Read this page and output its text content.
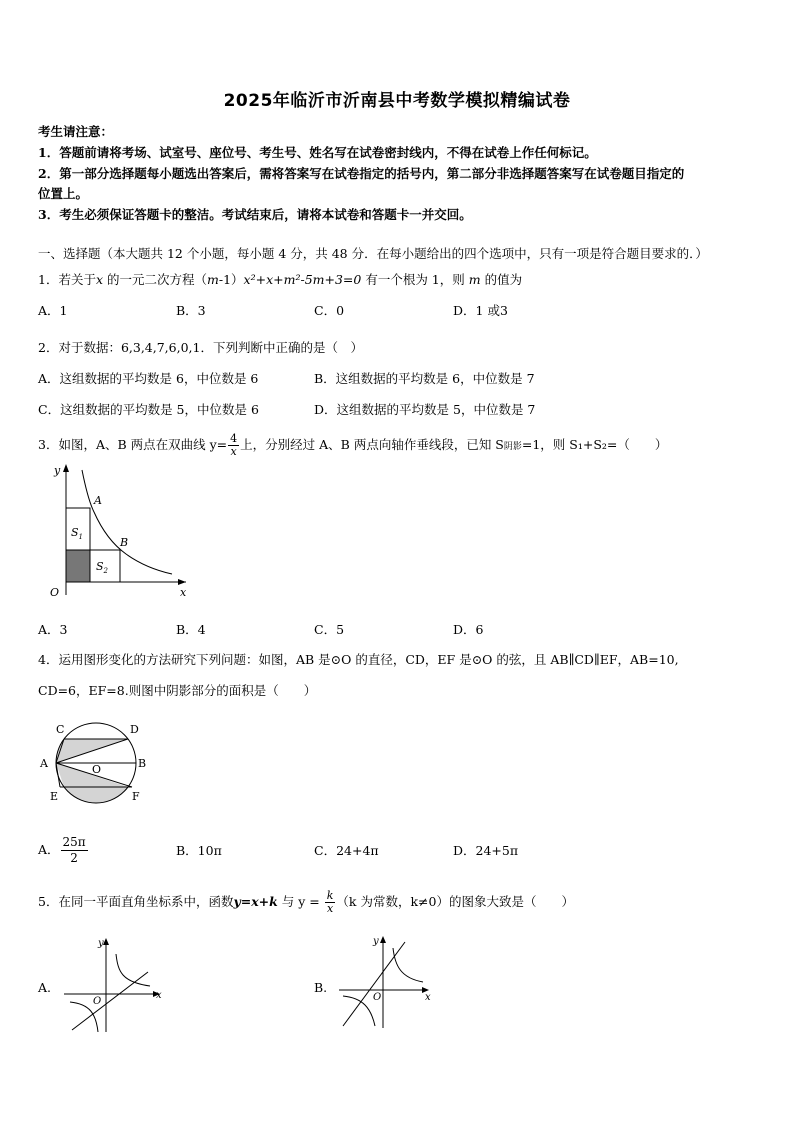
2025年临沂市沂南县中考数学模拟精编试卷
考生请注意：
1．答题前请将考场、试室号、座位号、考生号、姓名写在试卷密封线内，不得在试卷上作任何标记。
2．第一部分选择题每小题选出答案后，需将答案写在试卷指定的括号内，第二部分非选择题答案写在试卷题目指定的
位置上。
3．考生必须保证答题卡的整洁。考试结束后，请将本试卷和答题卡一并交回。
一、选择题（本大题共 12 个小题，每小题 4 分，共 48 分．在每小题给出的四个选项中，只有一项是符合题目要求的．）
1．若关于x 的一元二次方程（m-1）x²+x+m²-5m+3=0 有一个根为 1，则 m 的值为
A．1	B．3	C．0	D．1 或3
2．对于数据：6,3,4,7,6,0,1．下列判断中正确的是（　）
A．这组数据的平均数是 6，中位数是 6	B．这组数据的平均数是 6，中位数是 7
C．这组数据的平均数是 5，中位数是 6	D．这组数据的平均数是 5，中位数是 7
3．如图，A、B 两点在双曲线 $y= \frac{4}{x}$ 上，分别经过 A、B 两点向轴作垂线段，已知 S阴影=1，则 S₁+S₂=（　　）
y
x
O
A
B
$S_1$
$S_2$
A．3	B．4	C．5	D．6
4．运用图形变化的方法研究下列问题：如图，AB 是⊙O 的直径，CD，EF 是⊙O 的弦，且 AB∥CD∥EF，AB=10,
CD=6，EF=8.则图中阴影部分的面积是（　　）
C	D
A	O	B
E	F
A． $\frac{25\pi}{2}$	B．10π	C．24+4π	D．24+5π
5．在同一平面直角坐标系中，函数y=x+k 与 $y = \frac{k}{x} (k$ 为常数，k≠0）的图象大致是（　　）
A.
y
x
O
B.
y
x
O
